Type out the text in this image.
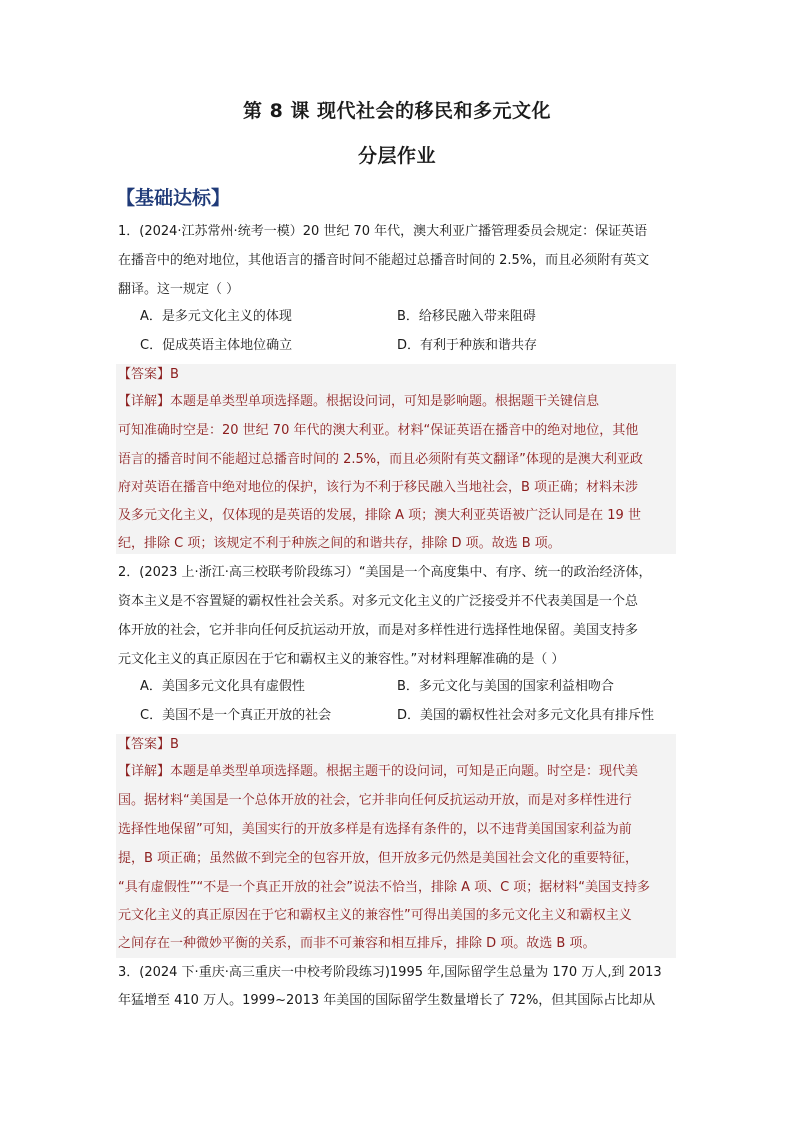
第 8 课 现代社会的移民和多元文化
分层作业
【基础达标】
1．(2024·江苏常州·统考一模）20 世纪 70 年代，澳大利亚广播管理委员会规定：保证英语
在播音中的绝对地位，其他语言的播音时间不能超过总播音时间的 2.5%，而且必须附有英文
翻译。这一规定（ ）
A．是多元文化主义的体现	B．给移民融入带来阻碍
C．促成英语主体地位确立	D．有利于种族和谐共存
【答案】B
【详解】本题是单类型单项选择题。根据设问词，可知是影响题。根据题干关键信息
可知准确时空是：20 世纪 70 年代的澳大利亚。材料“保证英语在播音中的绝对地位，其他
语言的播音时间不能超过总播音时间的 2.5%，而且必须附有英文翻译”体现的是澳大利亚政
府对英语在播音中绝对地位的保护，该行为不利于移民融入当地社会，B 项正确；材料未涉
及多元文化主义，仅体现的是英语的发展，排除 A 项；澳大利亚英语被广泛认同是在 19 世
纪，排除 C 项；该规定不利于种族之间的和谐共存，排除 D 项。故选 B 项。
2．(2023 上·浙江·高三校联考阶段练习）“美国是一个高度集中、有序、统一的政治经济体，
资本主义是不容置疑的霸权性社会关系。对多元文化主义的广泛接受并不代表美国是一个总
体开放的社会，它并非向任何反抗运动开放，而是对多样性进行选择性地保留。美国支持多
元文化主义的真正原因在于它和霸权主义的兼容性。”对材料理解准确的是（ ）
A．美国多元文化具有虚假性	B．多元文化与美国的国家利益相吻合
C．美国不是一个真正开放的社会	D．美国的霸权性社会对多元文化具有排斥性
【答案】B
【详解】本题是单类型单项选择题。根据主题干的设问词，可知是正向题。时空是：现代美
国。据材料“美国是一个总体开放的社会，它并非向任何反抗运动开放，而是对多样性进行
选择性地保留”可知，美国实行的开放多样是有选择有条件的，以不违背美国国家利益为前
提，B 项正确；虽然做不到完全的包容开放，但开放多元仍然是美国社会文化的重要特征，
“具有虚假性”“不是一个真正开放的社会”说法不恰当，排除 A 项、C 项；据材料“美国支持多
元文化主义的真正原因在于它和霸权主义的兼容性”可得出美国的多元文化主义和霸权主义
之间存在一种微妙平衡的关系，而非不可兼容和相互排斥，排除 D 项。故选 B 项。
3．(2024 下·重庆·高三重庆一中校考阶段练习)1995 年,国际留学生总量为 170 万人,到 2013
年猛增至 410 万人。1999~2013 年美国的国际留学生数量增长了 72%，但其国际占比却从
